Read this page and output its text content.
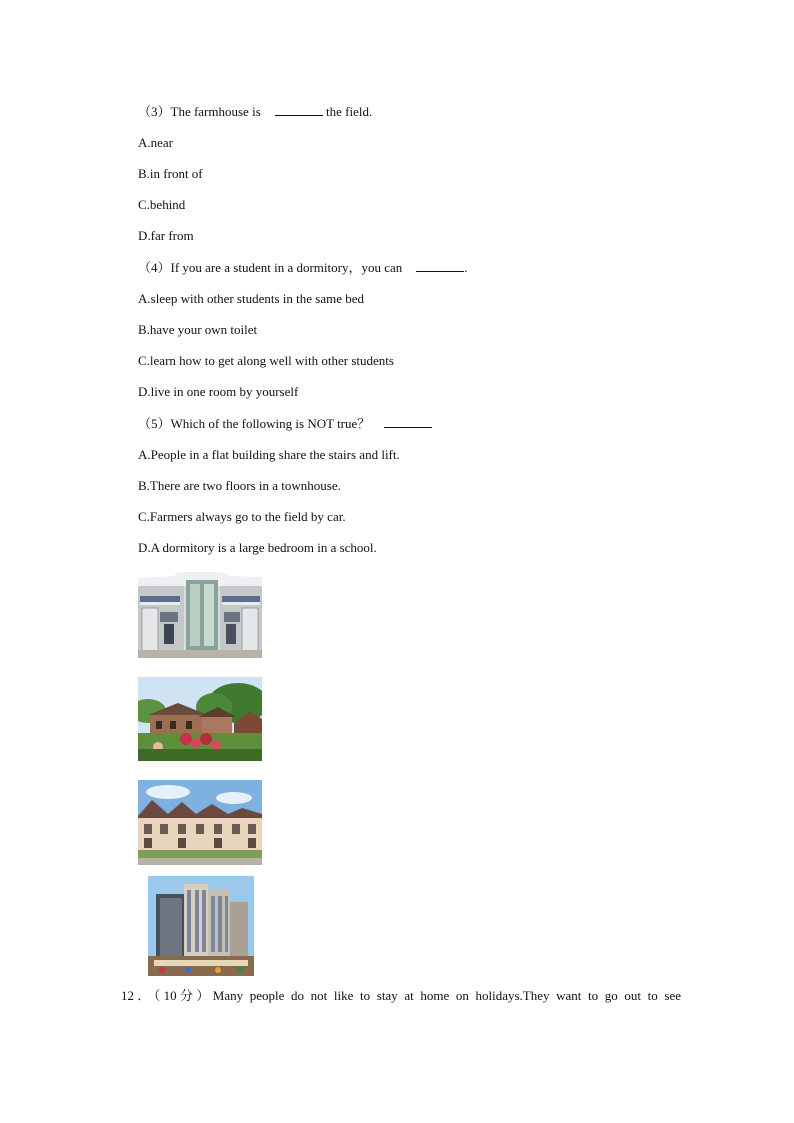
（3）The farmhouse is	the field.
A.near
B.in front of
C.behind
D.far from
（4）If you are a student in a dormitory，you can	.
A.sleep with other students in the same bed
B.have your own toilet
C.learn how to get along well with other students
D.live in one room by yourself
（5）Which of the following is NOT true？
A.People in a flat building share the stairs and lift.
B.There are two floors in a townhouse.
C.Farmers always go to the field by car.
D.A dormitory is a large bedroom in a school.
12．（10分）Many people do not like to stay at home on holidays.They want to go out to see
